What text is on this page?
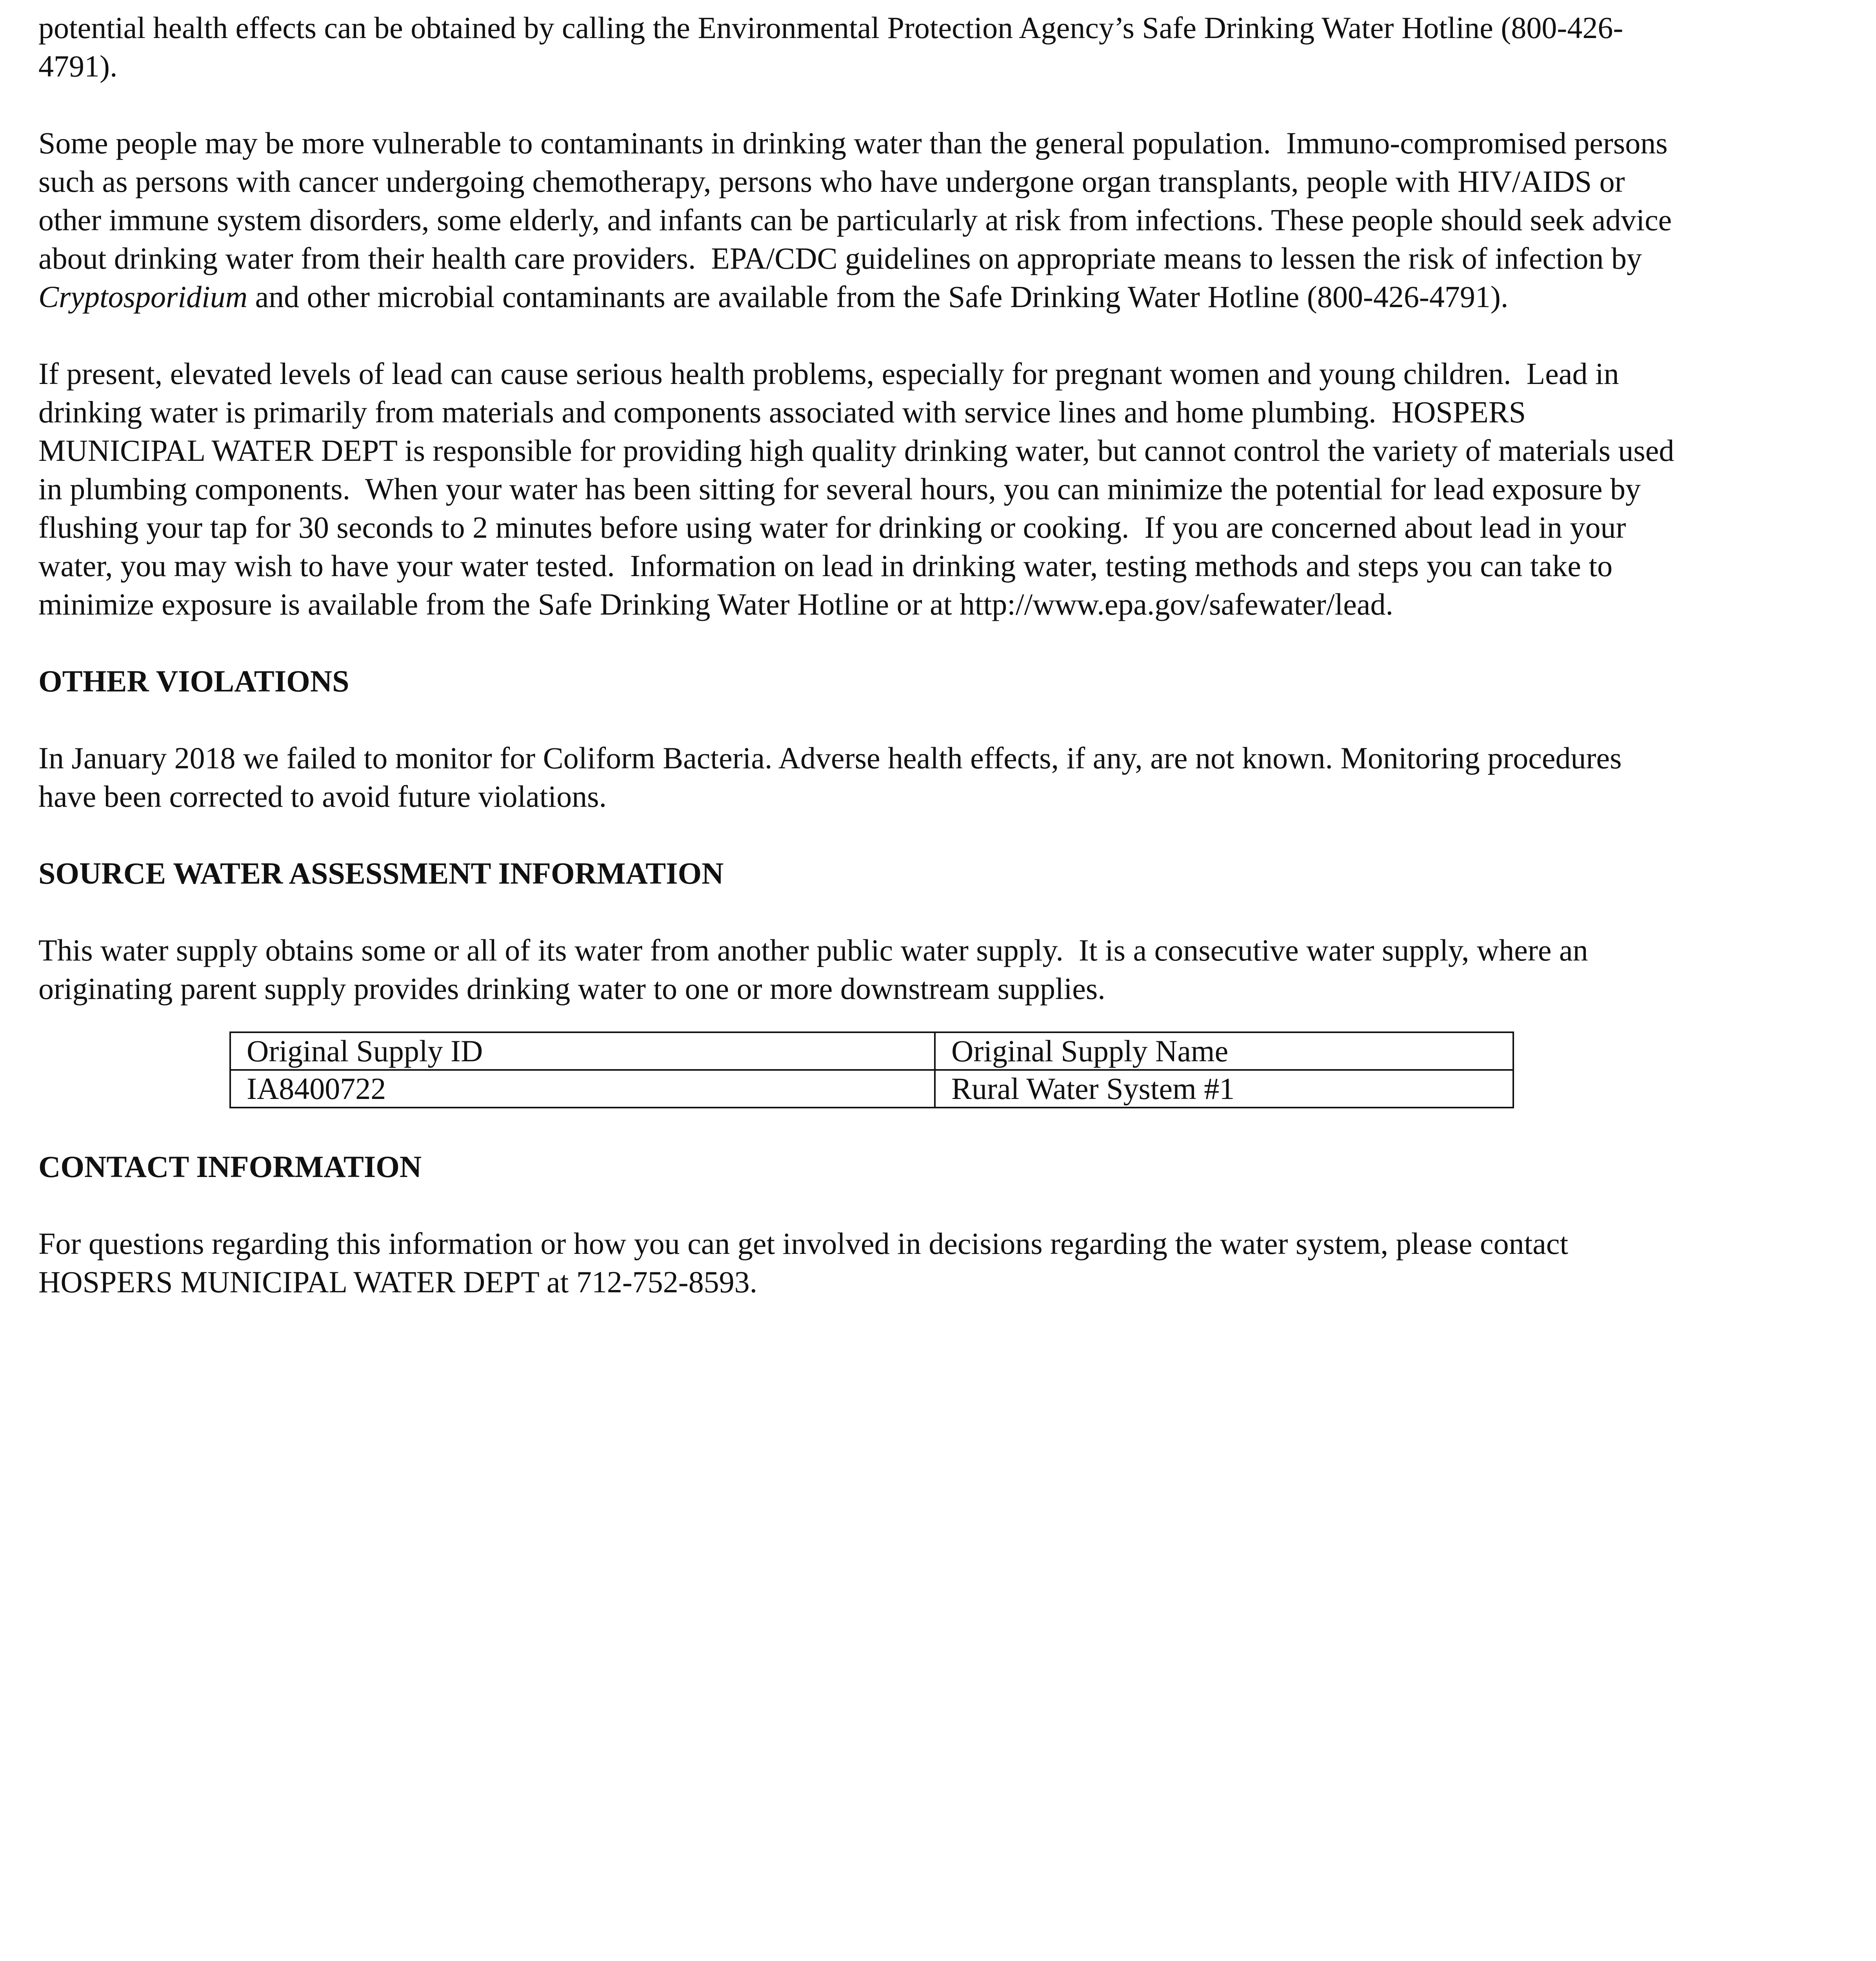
potential health effects can be obtained by calling the Environmental Protection Agency’s Safe Drinking Water Hotline (800-426-

4791).

Some people may be more vulnerable to contaminants in drinking water than the general population.  Immuno-compromised persons

such as persons with cancer undergoing chemotherapy, persons who have undergone organ transplants, people with HIV/AIDS or

other immune system disorders, some elderly, and infants can be particularly at risk from infections. These people should seek advice

about drinking water from their health care providers.  EPA/CDC guidelines on appropriate means to lessen the risk of infection by

Cryptosporidium and other microbial contaminants are available from the Safe Drinking Water Hotline (800-426-4791).

If present, elevated levels of lead can cause serious health problems, especially for pregnant women and young children.  Lead in

drinking water is primarily from materials and components associated with service lines and home plumbing.  HOSPERS

MUNICIPAL WATER DEPT is responsible for providing high quality drinking water, but cannot control the variety of materials used

in plumbing components.  When your water has been sitting for several hours, you can minimize the potential for lead exposure by

flushing your tap for 30 seconds to 2 minutes before using water for drinking or cooking.  If you are concerned about lead in your

water, you may wish to have your water tested.  Information on lead in drinking water, testing methods and steps you can take to

minimize exposure is available from the Safe Drinking Water Hotline or at http://www.epa.gov/safewater/lead.

OTHER VIOLATIONS

In January 2018 we failed to monitor for Coliform Bacteria. Adverse health effects, if any, are not known. Monitoring procedures

have been corrected to avoid future violations.

SOURCE WATER ASSESSMENT INFORMATION

This water supply obtains some or all of its water from another public water supply.  It is a consecutive water supply, where an

originating parent supply provides drinking water to one or more downstream supplies.

Original Supply ID	Original Supply Name
IA8400722	Rural Water System #1

CONTACT INFORMATION

For questions regarding this information or how you can get involved in decisions regarding the water system, please contact

HOSPERS MUNICIPAL WATER DEPT at 712-752-8593.
